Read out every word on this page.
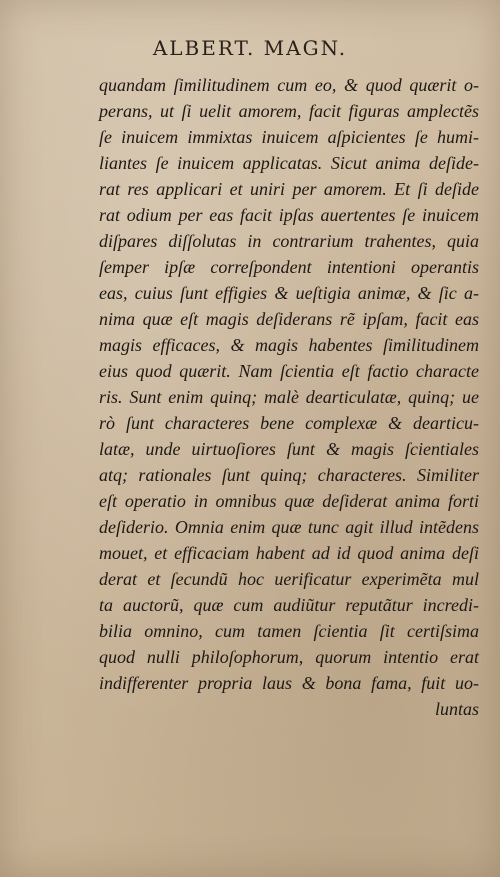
ALBERT. MAGN.
quandam ſimilitudinem cum eo, & quod quærit o-
perans, ut ſi uelit amorem, facit figuras amplectẽs
ſe inuicem immixtas inuicem aſpicientes ſe humi-
liantes ſe inuicem applicatas. Sicut anima deſide-
rat res applicari et uniri per amorem. Et ſi deſide
rat odium per eas facit ipſas auertentes ſe inuicem
diſpares diſſolutas in contrarium trahentes, quia
ſemper ipſæ correſpondent intentioni operantis
eas, cuius ſunt effigies & ueſtigia animæ, & ſic a-
nima quæ eſt magis deſiderans rẽ ipſam, facit eas
magis efficaces, & magis habentes ſimilitudinem
eius quod quærit. Nam ſcientia eſt factio characte
ris. Sunt enim quinq; malè dearticulatæ, quinq; ue
rò ſunt characteres bene complexæ & dearticu-
latæ, unde uirtuoſiores ſunt & magis ſcientiales
atq; rationales ſunt quinq; characteres. Similiter
eſt operatio in omnibus quæ deſiderat anima forti
deſiderio. Omnia enim quæ tunc agit illud intẽdens
mouet, et efficaciam habent ad id quod anima deſi
derat et ſecundũ hoc uerificatur experimẽta mul
ta auctorũ, quæ cum audiũtur reputãtur incredi-
bilia omnino, cum tamen ſcientia ſit certiſsima
quod nulli philoſophorum, quorum intentio erat
indifferenter propria laus & bona fama, fuit uo-
luntas
